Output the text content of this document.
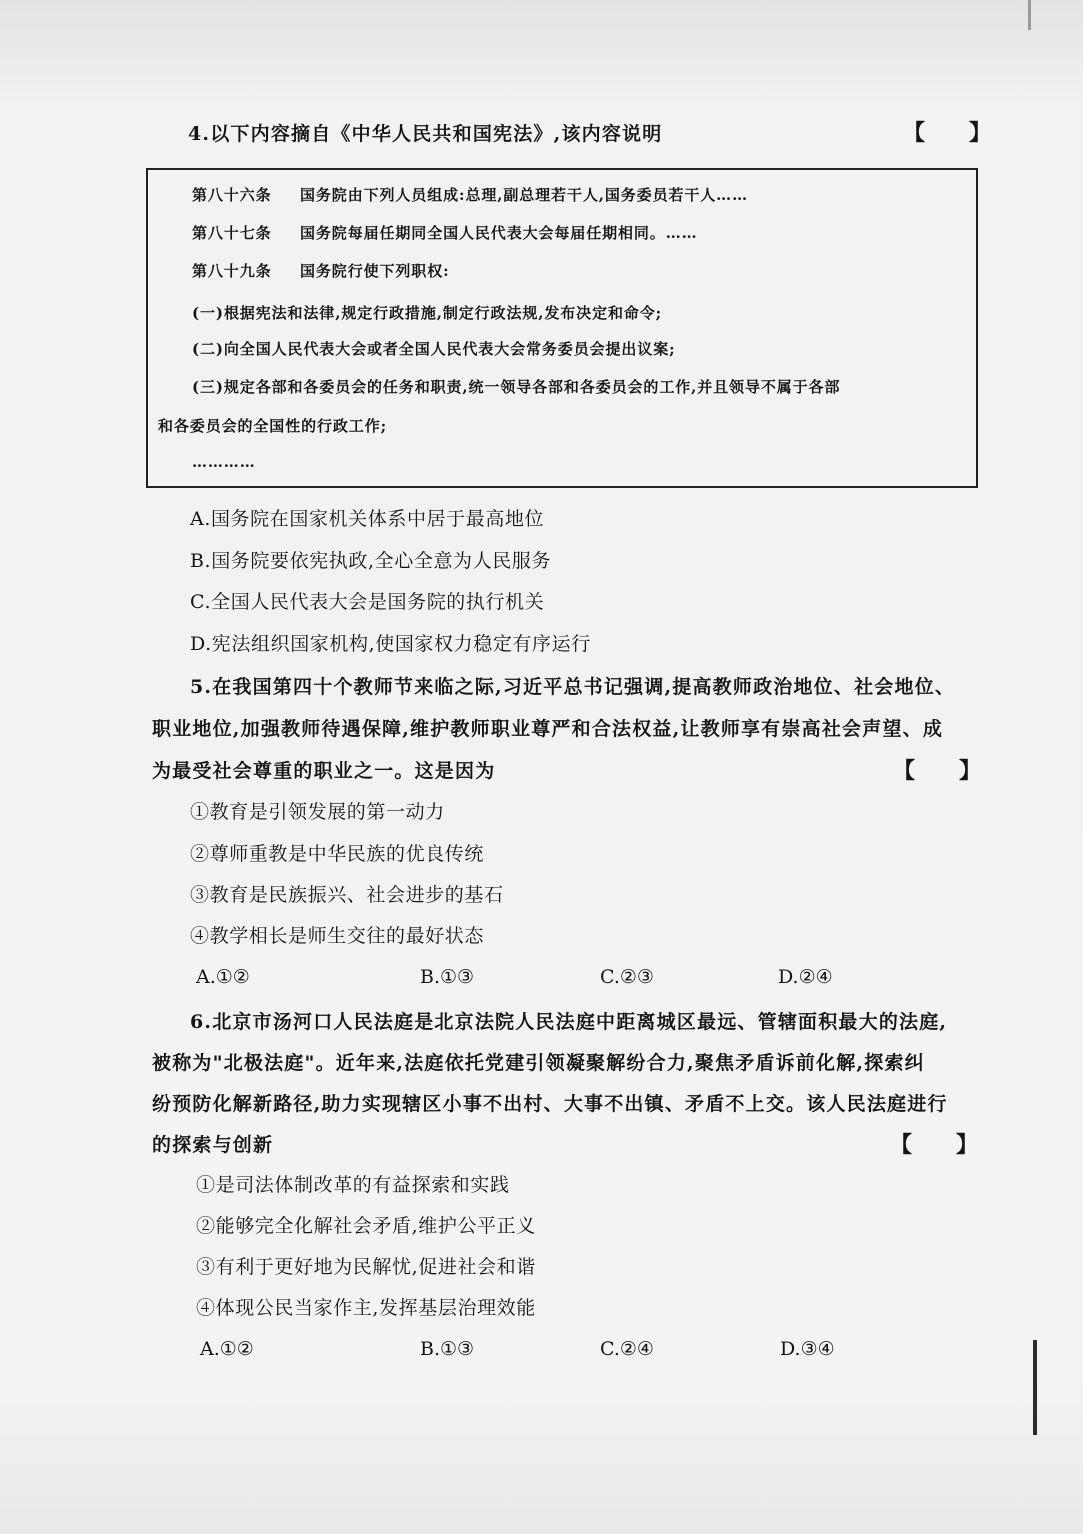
4.以下内容摘自《中华人民共和国宪法》,该内容说明	【　　】
第八十六条 国务院由下列人员组成:总理,副总理若干人,国务委员若干人……
第八十七条 国务院每届任期同全国人民代表大会每届任期相同。……
第八十九条 国务院行使下列职权:
(一)根据宪法和法律,规定行政措施,制定行政法规,发布决定和命令;
(二)向全国人民代表大会或者全国人民代表大会常务委员会提出议案;
(三)规定各部和各委员会的任务和职责,统一领导各部和各委员会的工作,并且领导不属于各部
和各委员会的全国性的行政工作;
…………
A.国务院在国家机关体系中居于最高地位
B.国务院要依宪执政,全心全意为人民服务
C.全国人民代表大会是国务院的执行机关
D.宪法组织国家机构,使国家权力稳定有序运行
5.在我国第四十个教师节来临之际,习近平总书记强调,提高教师政治地位、社会地位、
职业地位,加强教师待遇保障,维护教师职业尊严和合法权益,让教师享有崇高社会声望、成
为最受社会尊重的职业之一。这是因为	【　　】
①教育是引领发展的第一动力
②尊师重教是中华民族的优良传统
③教育是民族振兴、社会进步的基石
④教学相长是师生交往的最好状态
A.①②	B.①③	C.②③	D.②④
6.北京市汤河口人民法庭是北京法院人民法庭中距离城区最远、管辖面积最大的法庭,
被称为"北极法庭"。近年来,法庭依托党建引领凝聚解纷合力,聚焦矛盾诉前化解,探索纠
纷预防化解新路径,助力实现辖区小事不出村、大事不出镇、矛盾不上交。该人民法庭进行
的探索与创新	【　　】
①是司法体制改革的有益探索和实践
②能够完全化解社会矛盾,维护公平正义
③有利于更好地为民解忧,促进社会和谐
④体现公民当家作主,发挥基层治理效能
A.①②	B.①③	C.②④	D.③④
